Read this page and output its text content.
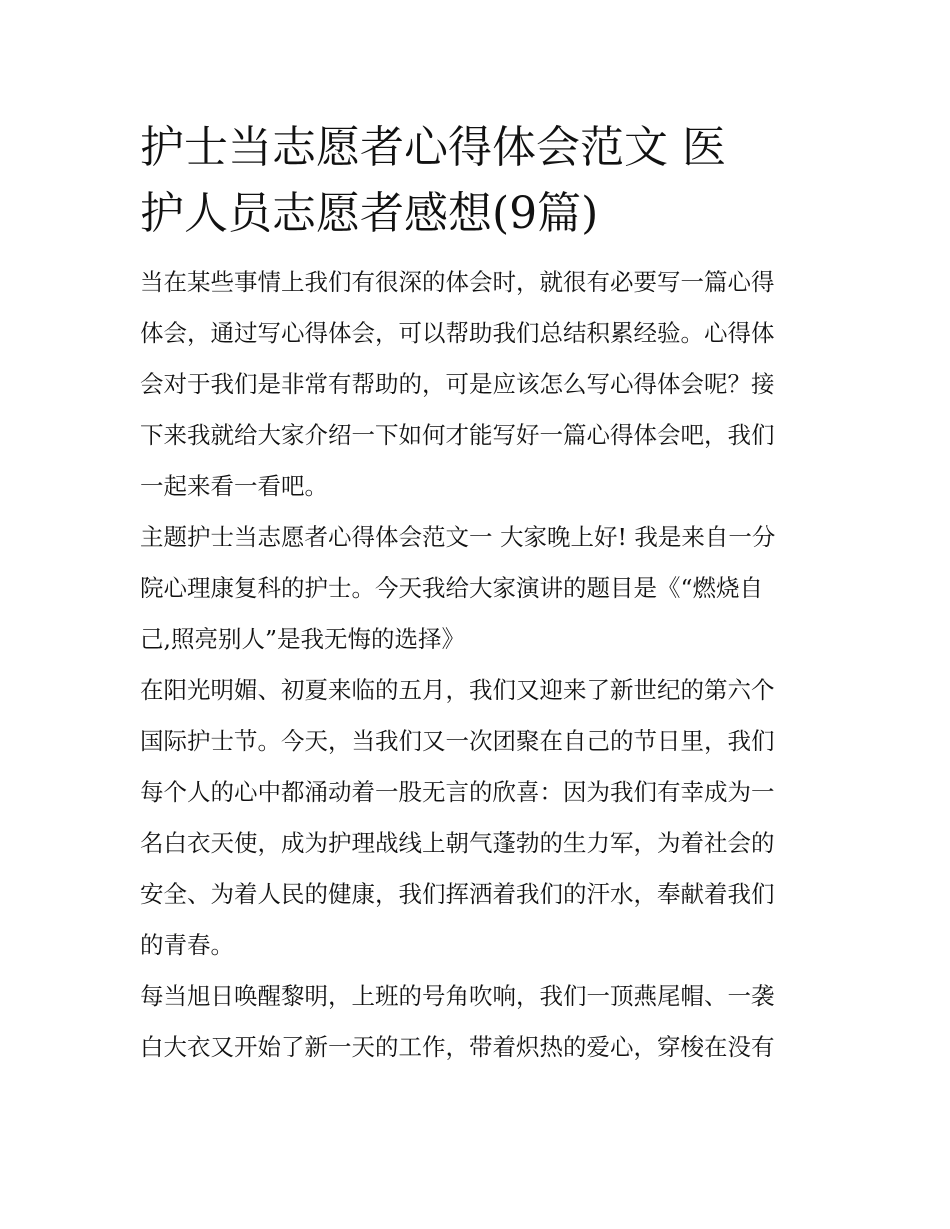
护士当志愿者心得体会范文 医
护人员志愿者感想(9篇)
当在某些事情上我们有很深的体会时，就很有必要写一篇心得
体会，通过写心得体会，可以帮助我们总结积累经验。心得体
会对于我们是非常有帮助的，可是应该怎么写心得体会呢？接
下来我就给大家介绍一下如何才能写好一篇心得体会吧，我们
一起来看一看吧。
主题护士当志愿者心得体会范文一 大家晚上好! 我是来自一分
院心理康复科的护士。今天我给大家演讲的题目是《“燃烧自
己,照亮别人”是我无悔的选择》
在阳光明媚、初夏来临的五月，我们又迎来了新世纪的第六个
国际护士节。今天，当我们又一次团聚在自己的节日里，我们
每个人的心中都涌动着一股无言的欣喜：因为我们有幸成为一
名白衣天使，成为护理战线上朝气蓬勃的生力军，为着社会的
安全、为着人民的健康，我们挥洒着我们的汗水，奉献着我们
的青春。
每当旭日唤醒黎明，上班的号角吹响，我们一顶燕尾帽、一袭
白大衣又开始了新一天的工作，带着炽热的爱心，穿梭在没有
